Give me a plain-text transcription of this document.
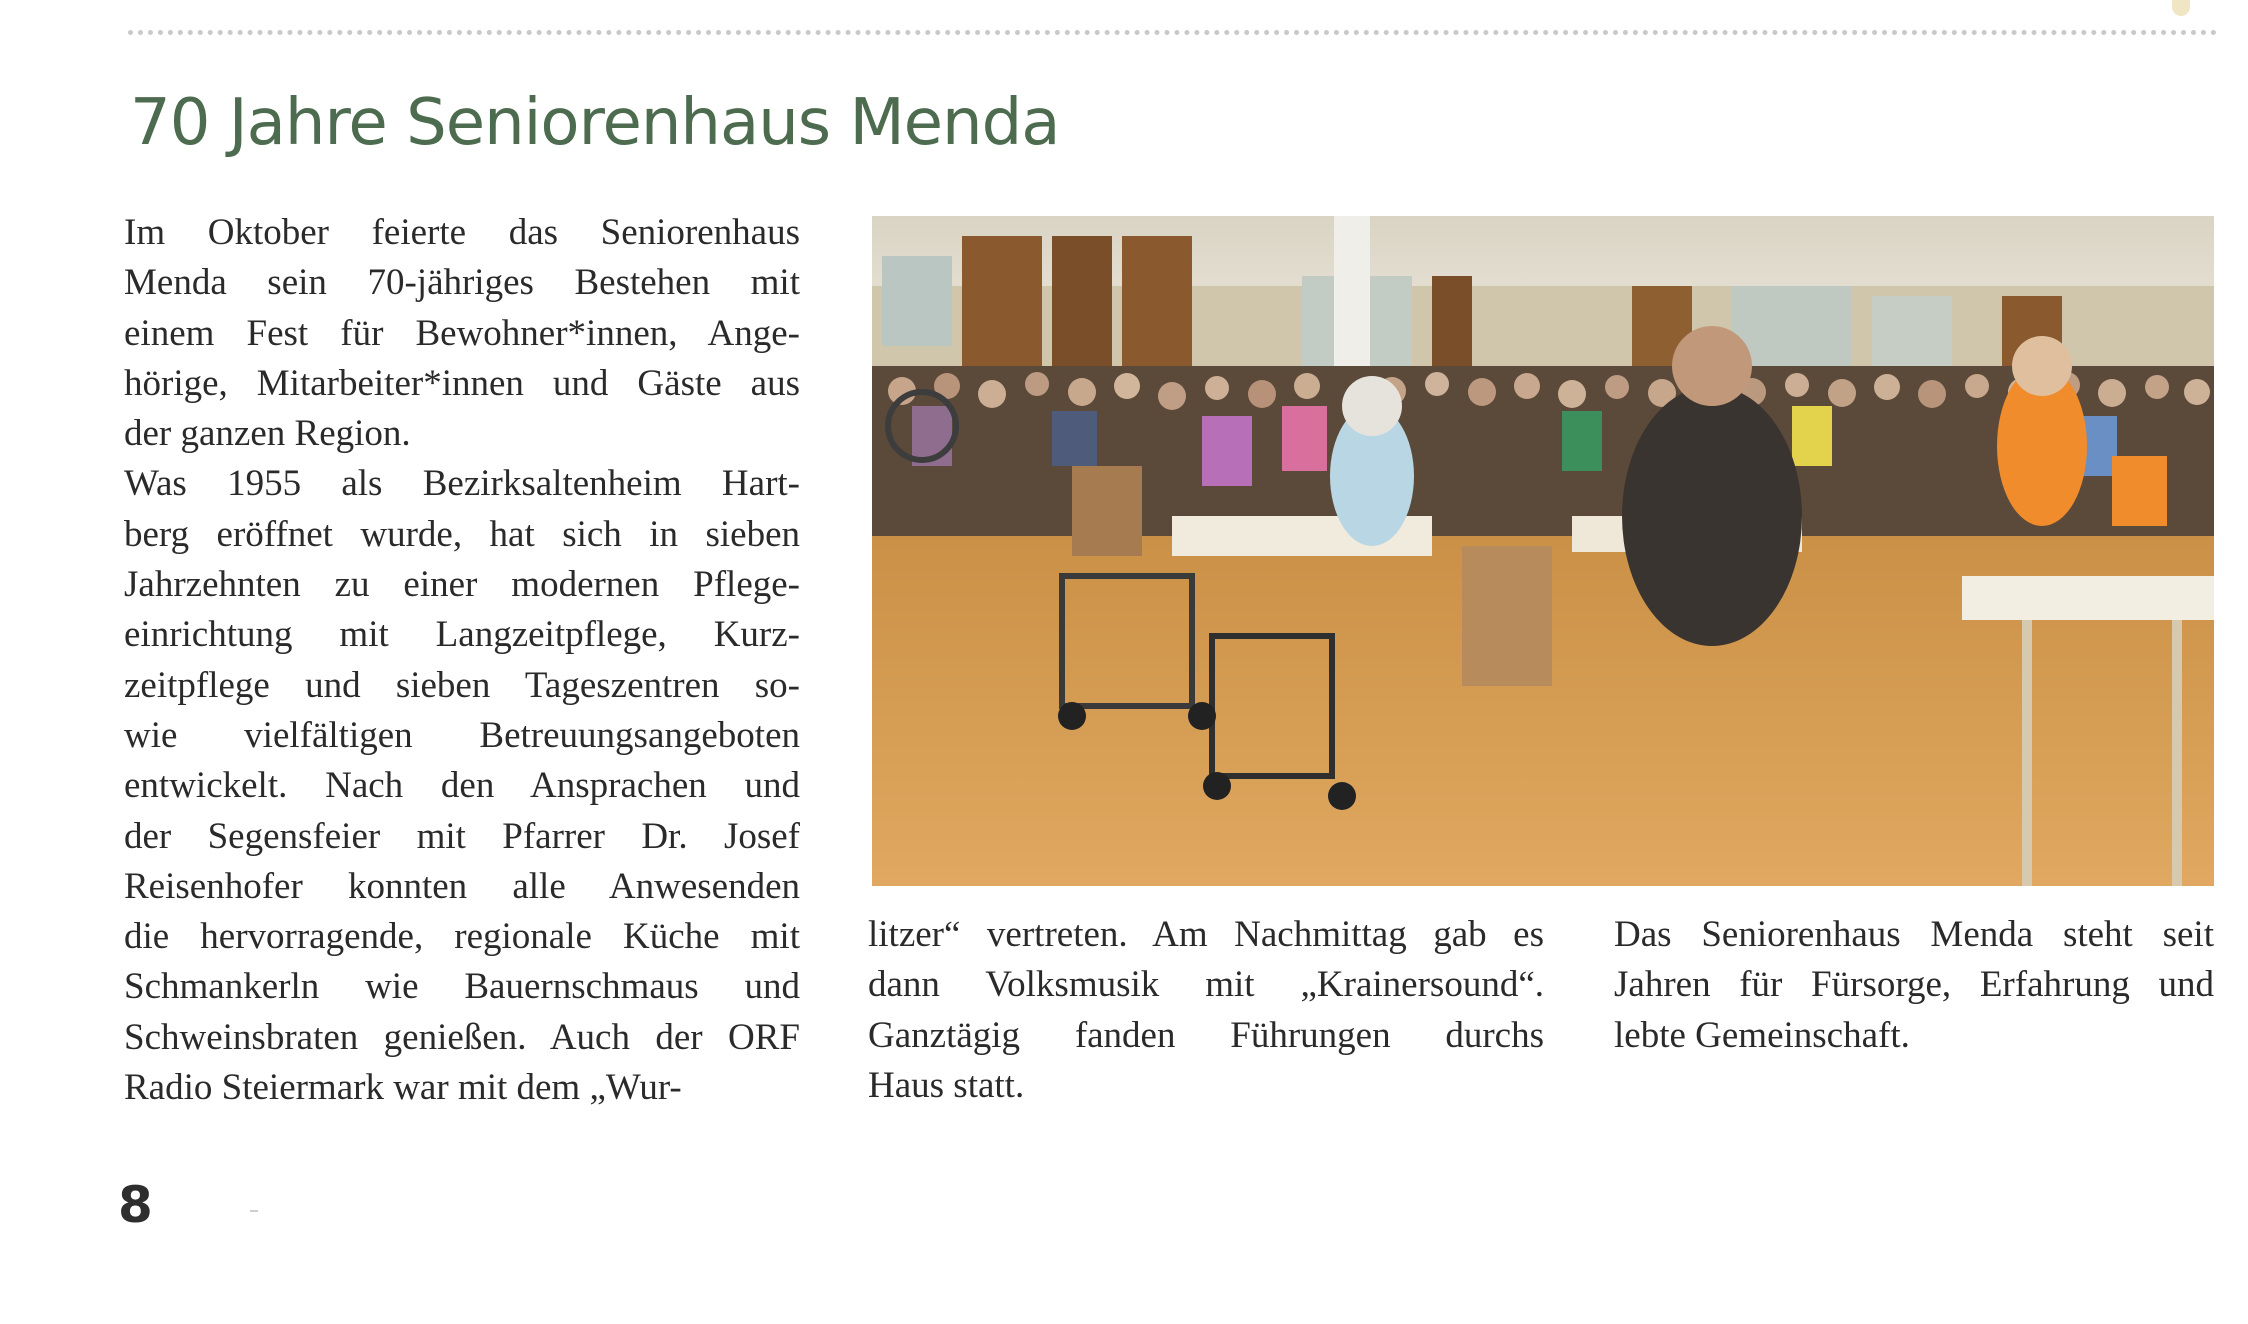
70 Jahre Seniorenhaus Menda
Im Oktober feierte das Seniorenhaus
Menda sein 70-jähriges Bestehen mit
einem Fest für Bewohner*innen, Ange-
hörige, Mitarbeiter*innen und Gäste aus
der ganzen Region.
Was 1955 als Bezirksaltenheim Hart-
berg eröffnet wurde, hat sich in sieben
Jahrzehnten zu einer modernen Pflege-
einrichtung mit Langzeitpflege, Kurz-
zeitpflege und sieben Tageszentren so-
wie vielfältigen Betreuungsangeboten
entwickelt. Nach den Ansprachen und
der Segensfeier mit Pfarrer Dr. Josef
Reisenhofer konnten alle Anwesenden
die hervorragende, regionale Küche mit
Schmankerln wie Bauernschmaus und
Schweinsbraten genießen. Auch der ORF
Radio Steiermark war mit dem „Wur-
litzer“ vertreten. Am Nachmittag gab es
dann Volksmusik mit „Krainersound“.
Ganztägig fanden Führungen durchs
Haus statt.
Das Seniorenhaus Menda steht seit
Jahren für Fürsorge, Erfahrung und
lebte Gemeinschaft.
8
